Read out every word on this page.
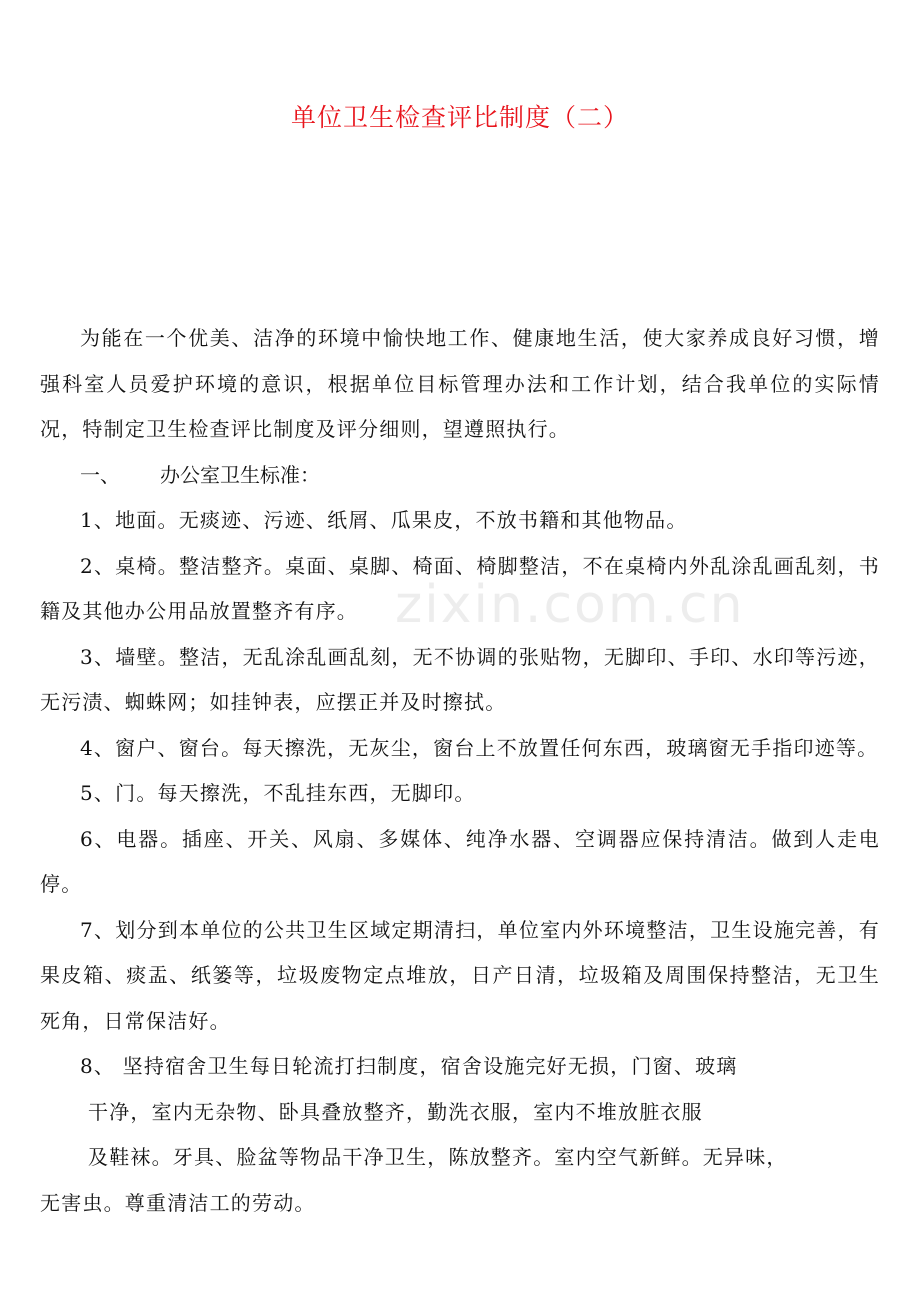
单位卫生检查评比制度（二）
zixin.com.cn

为能在一个优美、洁净的环境中愉快地工作、健康地生活，使大家养成良好习惯，增强科室人员爱护环境的意识，根据单位目标管理办法和工作计划，结合我单位的实际情况，特制定卫生检查评比制度及评分细则，望遵照执行。

一、 办公室卫生标准：

1、地面。无痰迹、污迹、纸屑、瓜果皮，不放书籍和其他物品。

2、桌椅。整洁整齐。桌面、桌脚、椅面、椅脚整洁，不在桌椅内外乱涂乱画乱刻，书籍及其他办公用品放置整齐有序。

3、墙壁。整洁，无乱涂乱画乱刻，无不协调的张贴物，无脚印、手印、水印等污迹，无污渍、蜘蛛网；如挂钟表，应摆正并及时擦拭。

4、窗户、窗台。每天擦洗，无灰尘，窗台上不放置任何东西，玻璃窗无手指印迹等。

5、门。每天擦洗，不乱挂东西，无脚印。

6、电器。插座、开关、风扇、多媒体、纯净水器、空调器应保持清洁。做到人走电停。

7、划分到本单位的公共卫生区域定期清扫，单位室内外环境整洁，卫生设施完善，有果皮箱、痰盂、纸篓等，垃圾废物定点堆放，日产日清，垃圾箱及周围保持整洁，无卫生死角，日常保洁好。

8、 坚持宿舍卫生每日轮流打扫制度，宿舍设施完好无损，门窗、玻璃

干净，室内无杂物、卧具叠放整齐，勤洗衣服，室内不堆放脏衣服

及鞋袜。牙具、脸盆等物品干净卫生，陈放整齐。室内空气新鲜。无异味，

无害虫。尊重清洁工的劳动。
